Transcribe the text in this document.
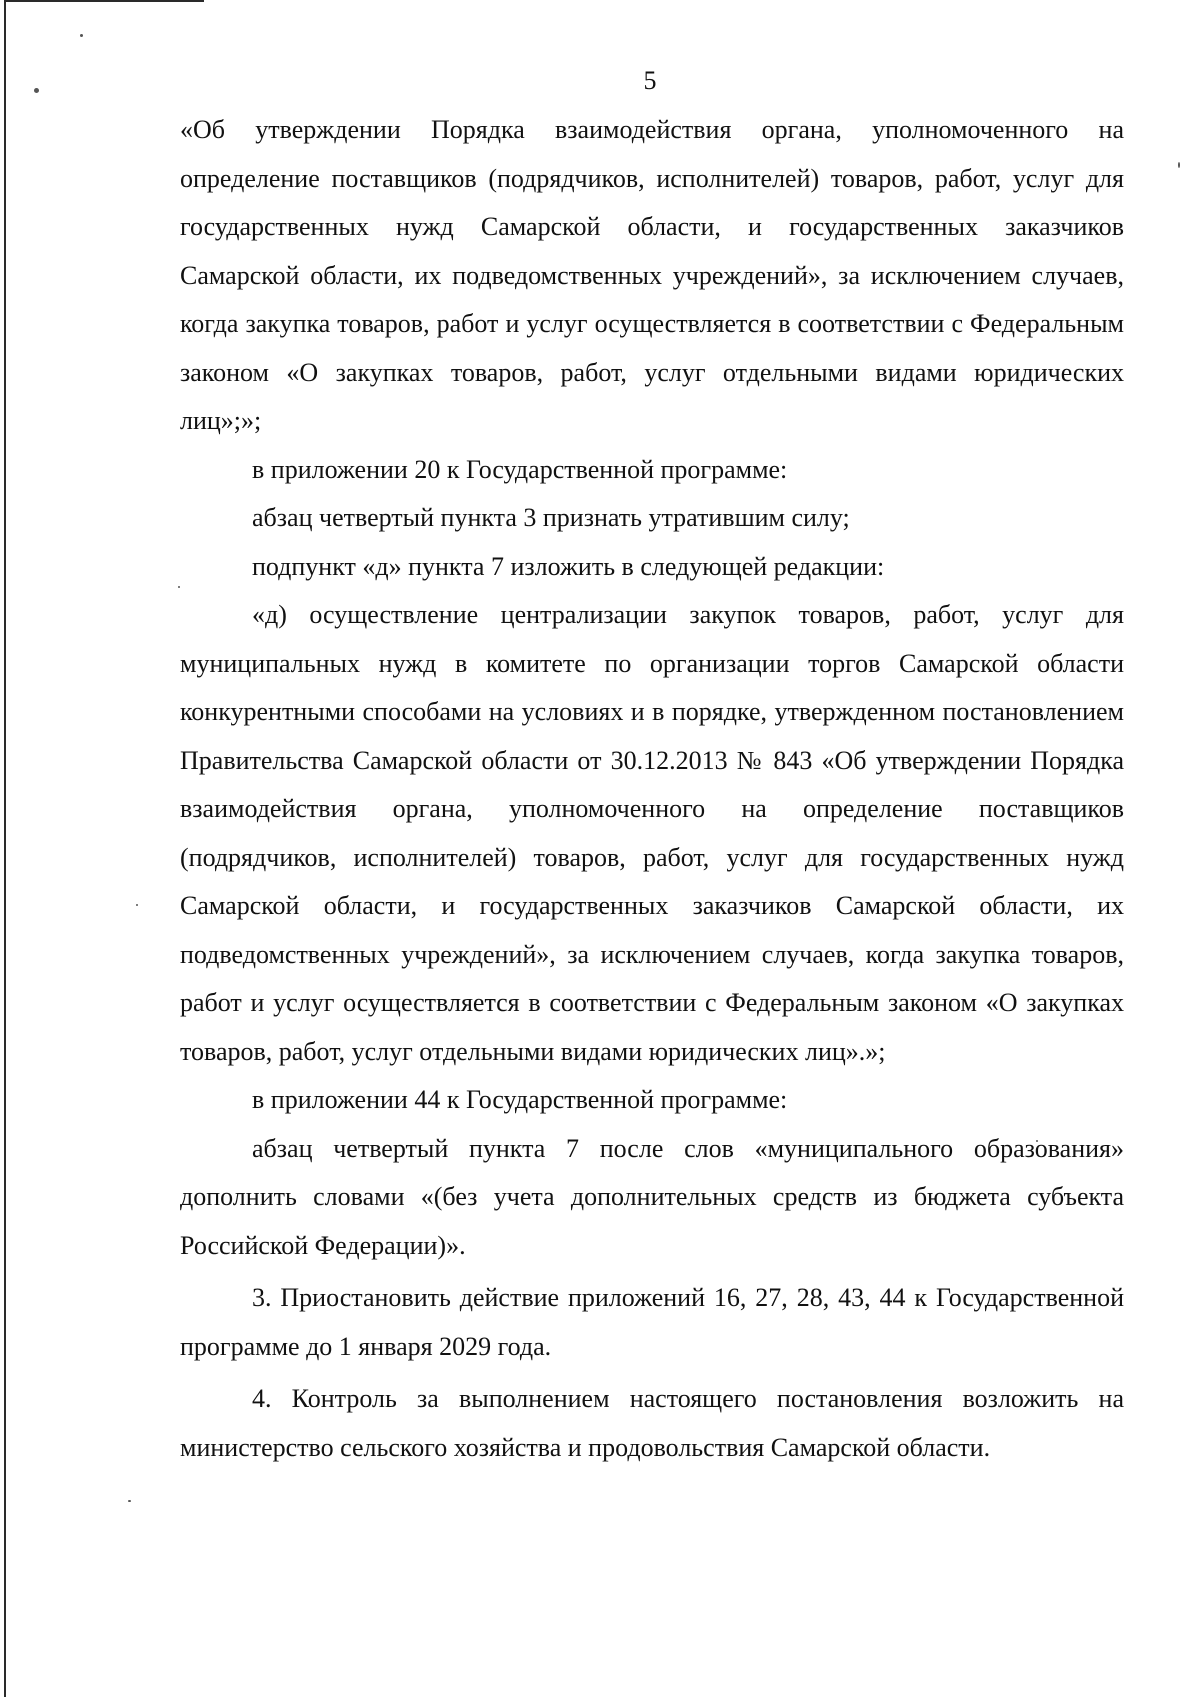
5

«Об утверждении Порядка взаимодействия органа, уполномоченного на определение поставщиков (подрядчиков, исполнителей) товаров, работ, услуг для государственных нужд Самарской области, и государственных заказчиков Самарской области, их подведомственных учреждений», за исключением случаев, когда закупка товаров, работ и услуг осуществляется в соответствии с Федеральным законом «О закупках товаров, работ, услуг отдельными видами юридических лиц»;»;

в приложении 20 к Государственной программе:

абзац четвертый пункта 3 признать утратившим силу;

подпункт «д» пункта 7 изложить в следующей редакции:

«д) осуществление централизации закупок товаров, работ, услуг для муниципальных нужд в комитете по организации торгов Самарской области конкурентными способами на условиях и в порядке, утвержденном постановлением Правительства Самарской области от 30.12.2013 № 843 «Об утверждении Порядка взаимодействия органа, уполномоченного на определение поставщиков (подрядчиков, исполнителей) товаров, работ, услуг для государственных нужд Самарской области, и государственных заказчиков Самарской области, их подведомственных учреждений», за исключением случаев, когда закупка товаров, работ и услуг осуществляется в соответствии с Федеральным законом «О закупках товаров, работ, услуг отдельными видами юридических лиц».»;

в приложении 44 к Государственной программе:

абзац четвертый пункта 7 после слов «муниципального образования» дополнить словами «(без учета дополнительных средств из бюджета субъекта Российской Федерации)».

3. Приостановить действие приложений 16, 27, 28, 43, 44 к Государственной программе до 1 января 2029 года.

4. Контроль за выполнением настоящего постановления возложить на министерство сельского хозяйства и продовольствия Самарской области.
